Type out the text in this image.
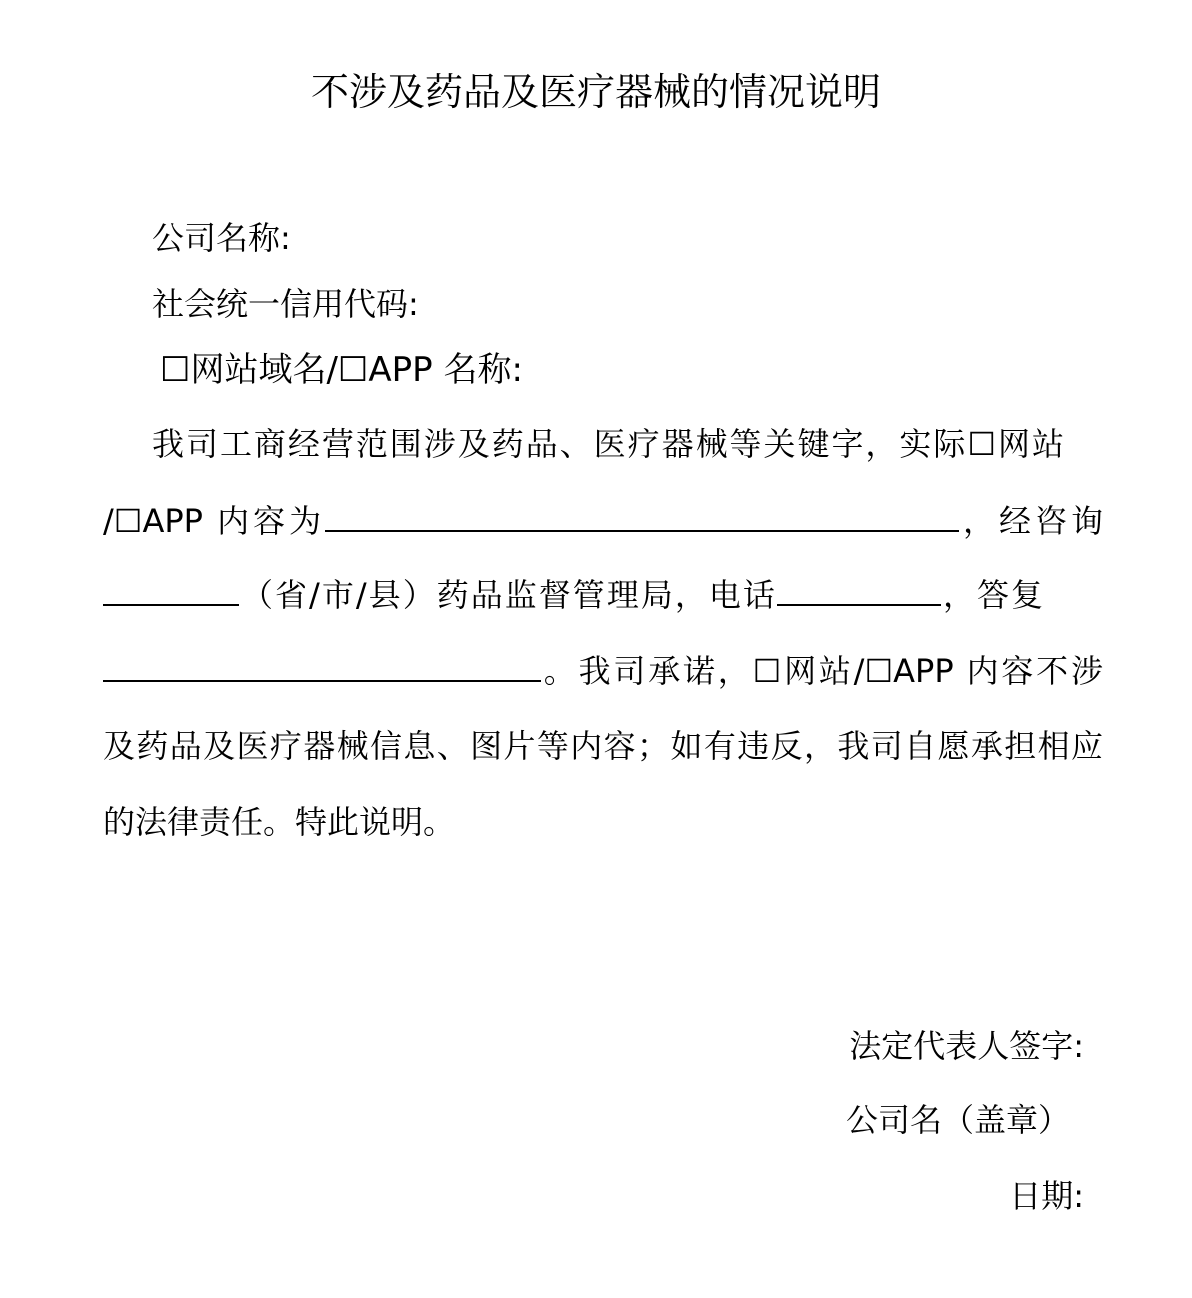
不涉及药品及医疗器械的情况说明
公司名称:
社会统一信用代码:
☐网站域名/☐APP 名称:
我司工商经营范围涉及药品、医疗器械等关键字，实际☐网站
/☐APP 内容为	，经咨询
（省/市/县）药品监督管理局，电话	，答复
。我司承诺，☐网站/☐APP 内容不涉
及药品及医疗器械信息、图片等内容；如有违反，我司自愿承担相应
的法律责任。特此说明。
法定代表人签字:
公司名（盖章）
日期:
